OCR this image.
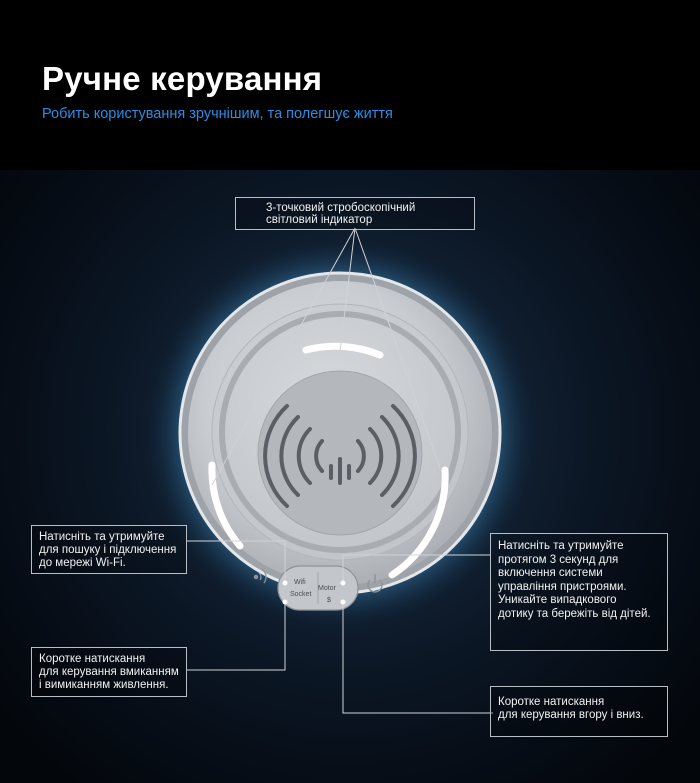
Ручне керування
Робить користування зручнішим, та полегшує життя
Wifi
Socket
Motor
$
3-точковий стробоскопічний
світловий індикатор
Натисніть та утримуйте
для пошуку і підключення
до мережі Wi-Fi.
Коротке натискання
для керування вмиканням
і вимиканням живлення.
Натисніть та утримуйте
протягом 3 секунд для
включення системи
управління пристроями.
Уникайте випадкового
дотику та бережіть від дітей.
Коротке натискання
для керування вгору і вниз.
